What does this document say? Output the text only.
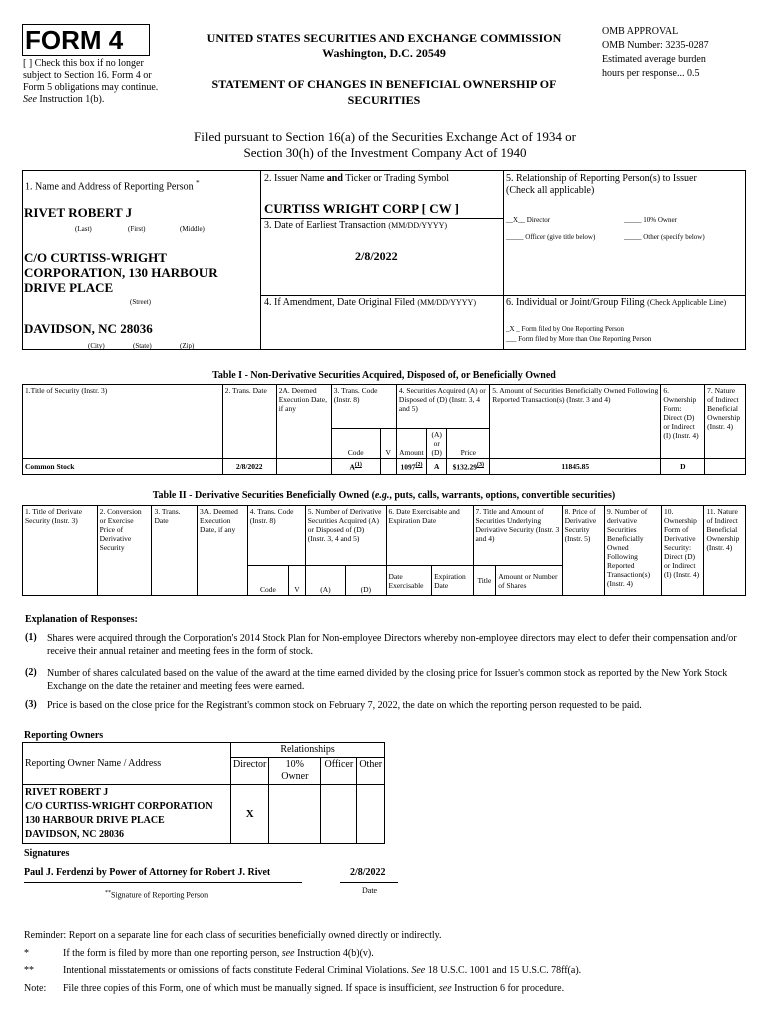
FORM 4
[ ] Check this box if no longer subject to Section 16. Form 4 or Form 5 obligations may continue. See Instruction 1(b).
UNITED STATES SECURITIES AND EXCHANGE COMMISSION
Washington, D.C. 20549
STATEMENT OF CHANGES IN BENEFICIAL OWNERSHIP OF SECURITIES
OMB APPROVAL
OMB Number: 3235-0287
Estimated average burden
hours per response... 0.5
Filed pursuant to Section 16(a) of the Securities Exchange Act of 1934 or
Section 30(h) of the Investment Company Act of 1940
1. Name and Address of Reporting Person *
RIVET ROBERT J
(Last)	(First)	(Middle)
C/O CURTISS-WRIGHT
CORPORATION, 130 HARBOUR
DRIVE PLACE
(Street)
DAVIDSON, NC 28036
(City)	(State)	(Zip)
2. Issuer Name and Ticker or Trading Symbol
CURTISS WRIGHT CORP [ CW ]
3. Date of Earliest Transaction (MM/DD/YYYY)
2/8/2022
4. If Amendment, Date Original Filed (MM/DD/YYYY)
5. Relationship of Reporting Person(s) to Issuer
(Check all applicable)
__X__ Director	_____ 10% Owner
_____ Officer (give title below)	_____ Other (specify below)
6. Individual or Joint/Group Filing (Check Applicable Line)
_X _ Form filed by One Reporting Person
___ Form filed by More than One Reporting Person
Table I - Non-Derivative Securities Acquired, Disposed of, or Beneficially Owned
1.Title of Security (Instr. 3)	2. Trans. Date	2A. Deemed Execution Date, if any	3. Trans. Code (Instr. 8)		4. Securities Acquired (A) or Disposed of (D) (Instr. 3, 4 and 5)			5. Amount of Securities Beneficially Owned Following Reported Transaction(s) (Instr. 3 and 4)	6. Ownership Form: Direct (D) or Indirect (I) (Instr. 4)	7. Nature of Indirect Beneficial Ownership (Instr. 4)
			Code	V	Amount	(A) or (D)	Price			
Common Stock	2/8/2022		$A^{(1)}$		1097$^{(2)}$	A	$132.29$^{(3)}$	11845.85	D	
Table II - Derivative Securities Beneficially Owned (e.g., puts, calls, warrants, options, convertible securities)
1. Title of Derivate Security (Instr. 3)	2. Conversion or Exercise Price of Derivative Security	3. Trans. Date	3A. Deemed Execution Date, if any	4. Trans. Code (Instr. 8)		5. Number of Derivative Securities Acquired (A) or Disposed of (D) (Instr. 3, 4 and 5)		6. Date Exercisable and Expiration Date		7. Title and Amount of Securities Underlying Derivative Security (Instr. 3 and 4)		8. Price of Derivative Security (Instr. 5)	9. Number of derivative Securities Beneficially Owned Following Reported Transaction(s) (Instr. 4)	10. Ownership Form of Derivative Security: Direct (D) or Indirect (I) (Instr. 4)	11. Nature of Indirect Beneficial Ownership (Instr. 4)
				Code	V	(A)	(D)	Date Exercisable	Expiration Date	Title	Amount or Number of Shares				
Explanation of Responses:
(1) Shares were acquired through the Corporation's 2014 Stock Plan for Non-employee Directors whereby non-employee directors may elect to defer their compensation and/or receive their annual retainer and meeting fees in the form of stock.
(2) Number of shares calculated based on the value of the award at the time earned divided by the closing price for Issuer's common stock as reported by the New York Stock Exchange on the date the retainer and meeting fees were earned.
(3) Price is based on the close price for the Registrant's common stock on February 7, 2022, the date on which the reporting person requested to be paid.
Reporting Owners
Reporting Owner Name / Address	Relationships			
	Director	10% Owner	Officer	Other

RIVET ROBERT J
C/O CURTISS-WRIGHT CORPORATION
130 HARBOUR DRIVE PLACE
DAVIDSON, NC 28036	X			
Signatures
Paul J. Ferdenzi by Power of Attorney for Robert J. Rivet	2/8/2022
**Signature of Reporting Person
Date
Reminder: Report on a separate line for each class of securities beneficially owned directly or indirectly.
*	If the form is filed by more than one reporting person, see Instruction 4(b)(v).
**	Intentional misstatements or omissions of facts constitute Federal Criminal Violations. See 18 U.S.C. 1001 and 15 U.S.C. 78ff(a).
Note: File three copies of this Form, one of which must be manually signed. If space is insufficient, see Instruction 6 for procedure.
